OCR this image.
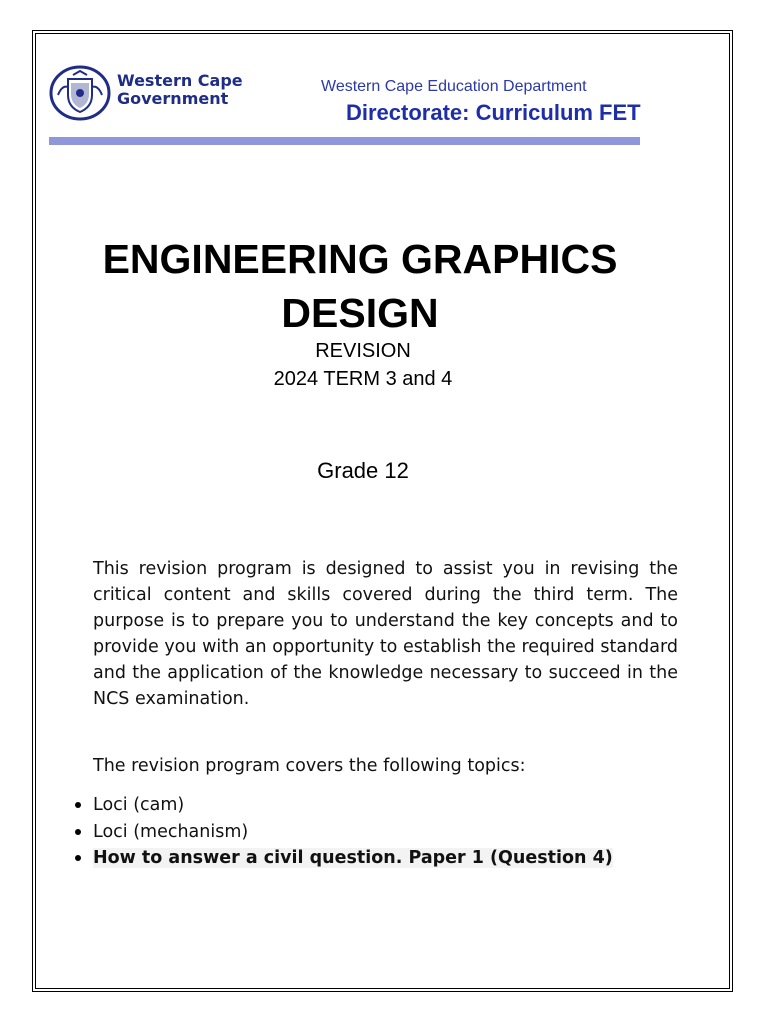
Western Cape
Government
Western Cape Education Department
Directorate: Curriculum FET
ENGINEERING GRAPHICS
DESIGN
REVISION
2024 TERM 3 and 4
Grade 12
This revision program is designed to assist you in revising the critical content and skills covered during the third term. The purpose is to prepare you to understand the key concepts and to provide you with an opportunity to establish the required standard and the application of the knowledge necessary to succeed in the NCS examination.
The revision program covers the following topics:
Loci (cam)
Loci (mechanism)
How to answer a civil question. Paper 1 (Question 4)
